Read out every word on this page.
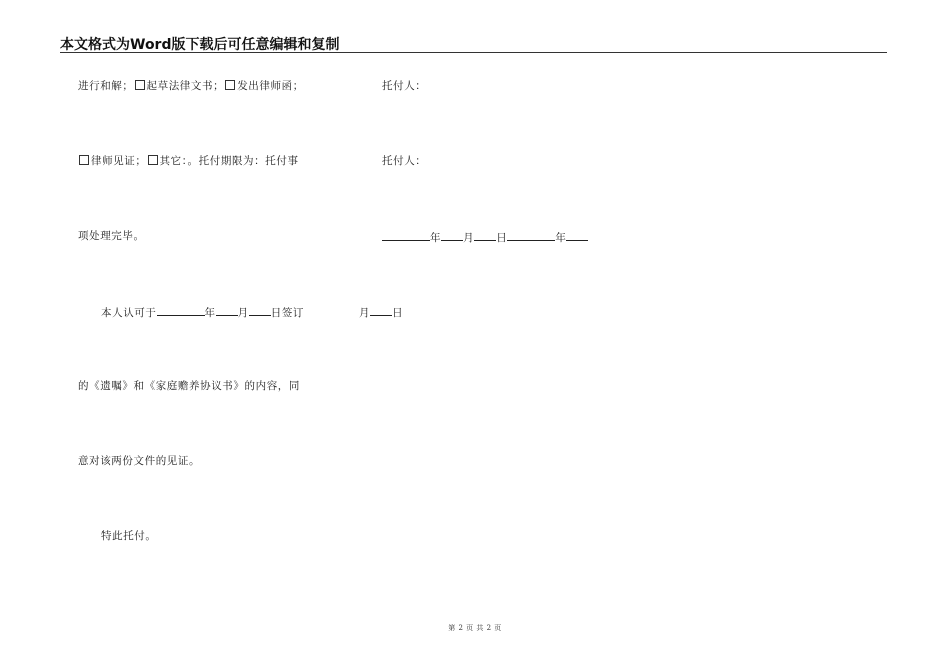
本文格式为Word版下载后可任意编辑和复制
进行和解； 起草法律文书； 发出律师函；
律师见证； 其它：。托付期限为：托付事
项处理完毕。
本人认可于	年 月 日签订
的《遗嘱》和《家庭赡养协议书》的内容，同
意对该两份文件的见证。
特此托付。
托付人：
托付人：
年 月 日	年
月 日
第 2 页 共 2 页
